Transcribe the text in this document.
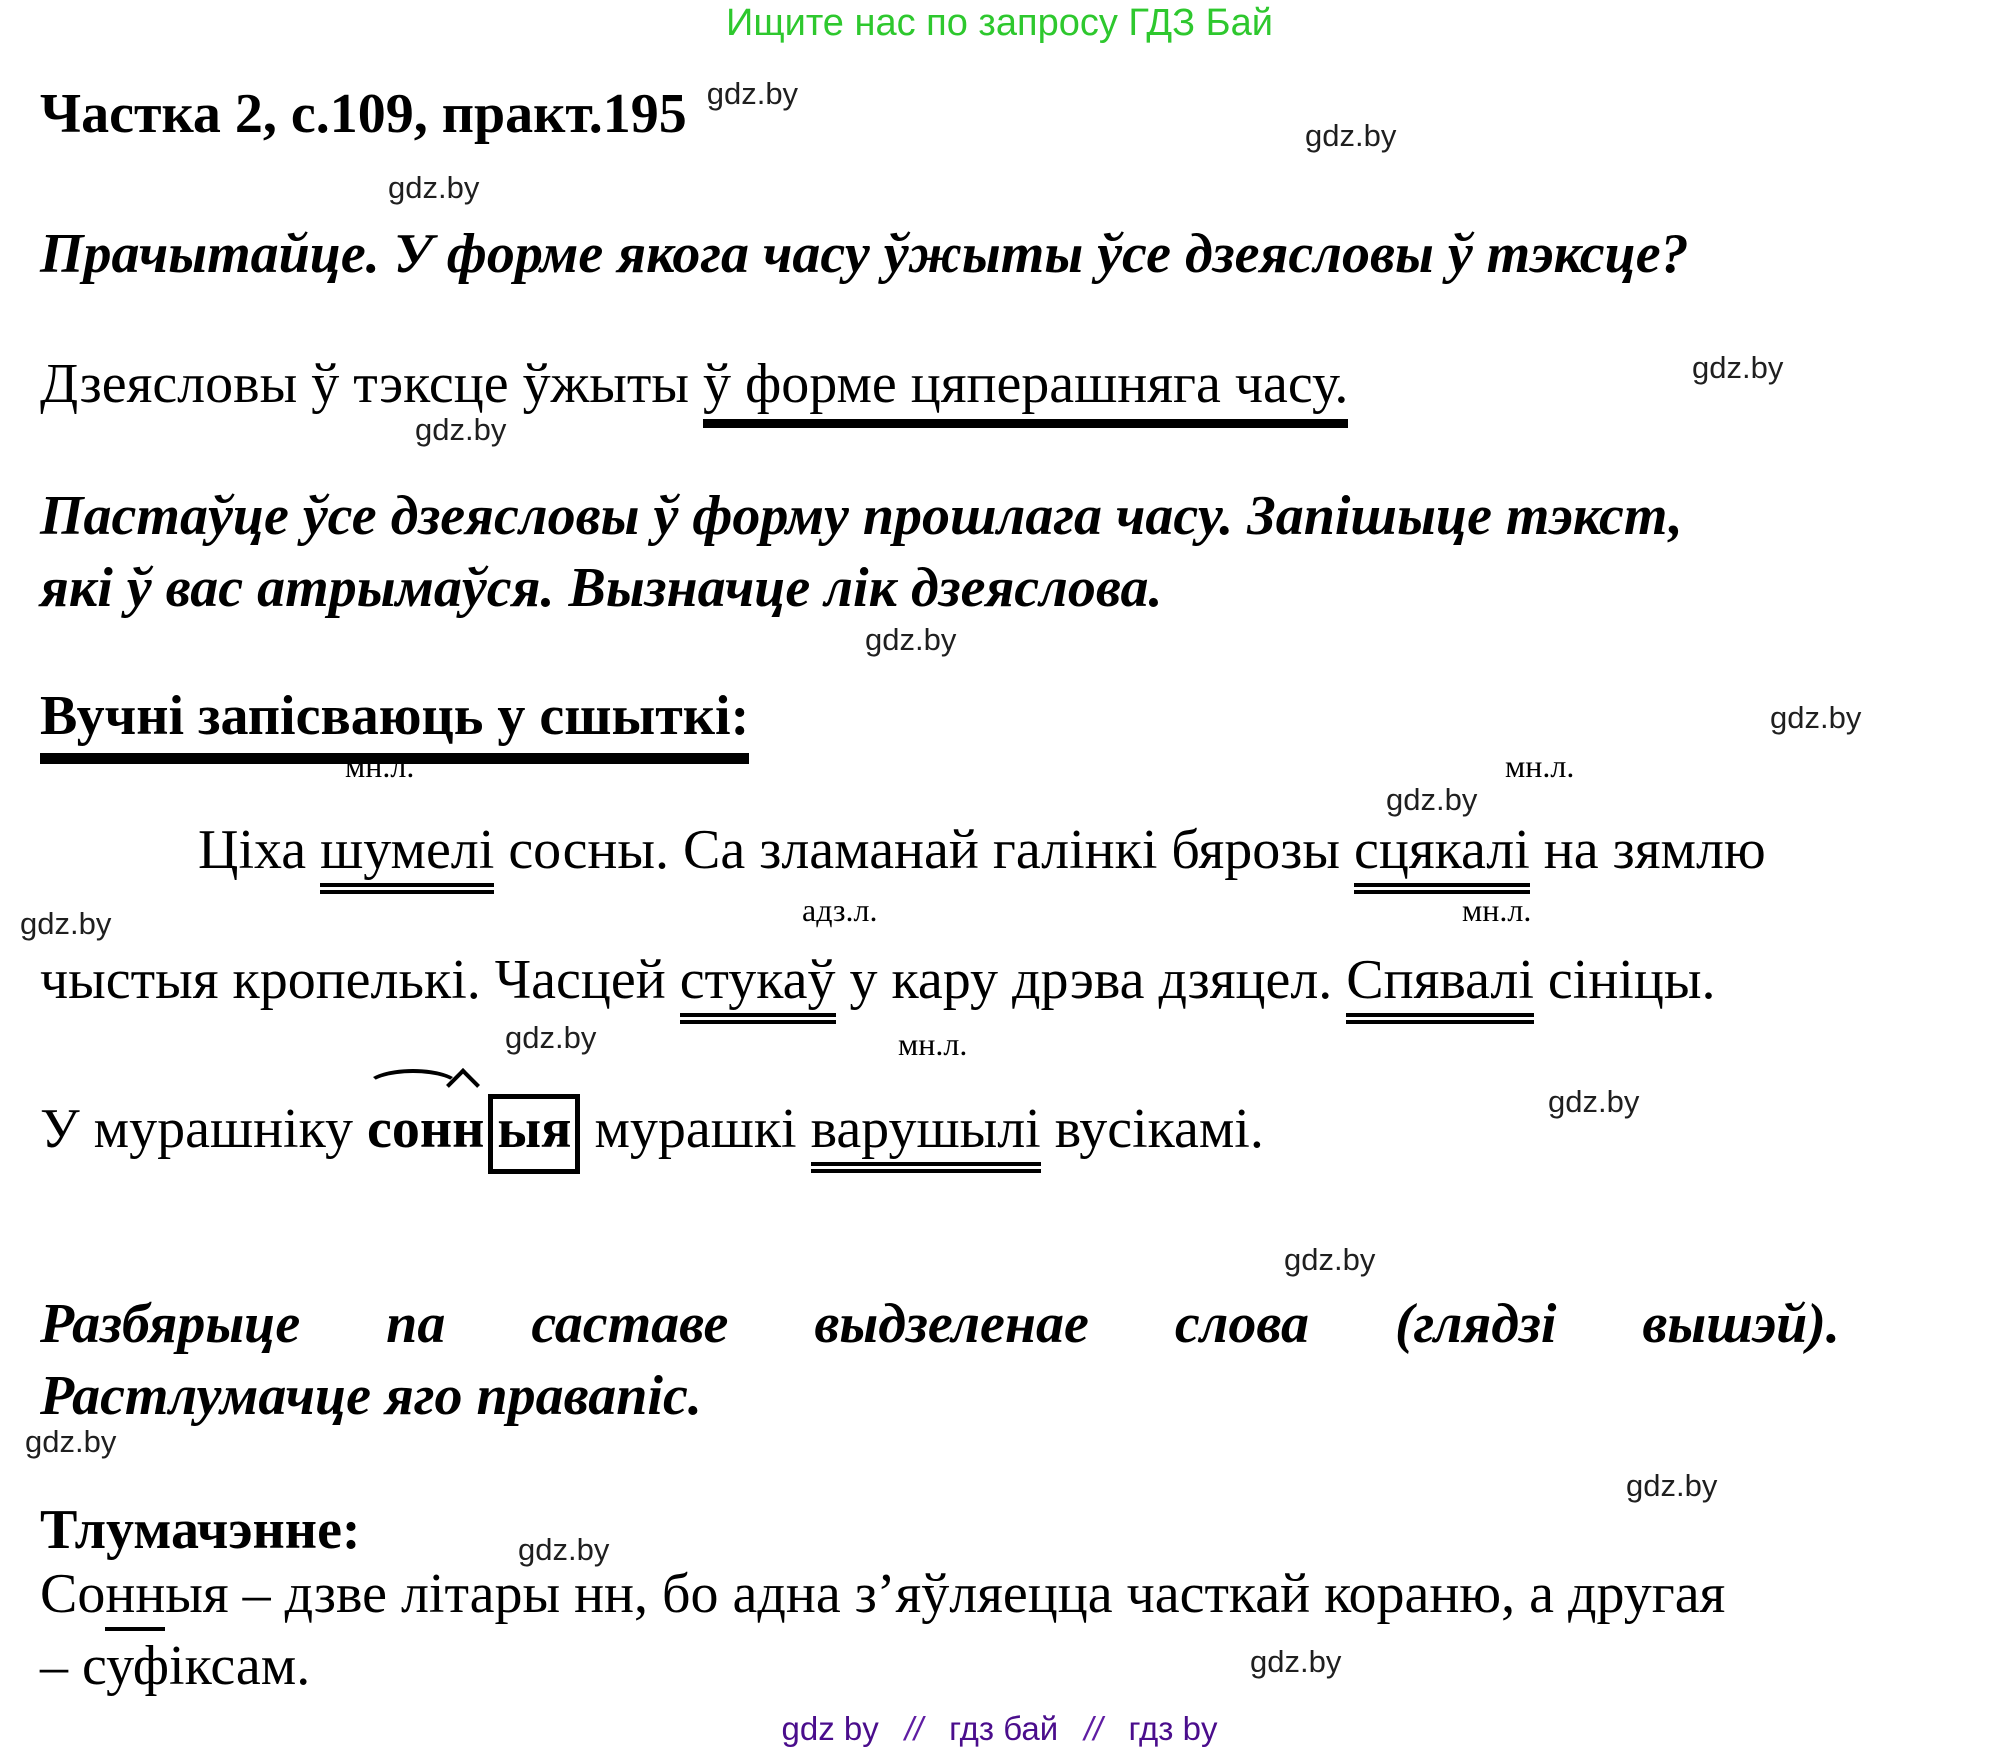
Ищите нас по запросу ГДЗ Бай
Частка 2, с.109, практ.195 gdz.by
gdz.by
gdz.by
gdz.by
gdz.by
gdz.by
gdz.by
gdz.by
gdz.by
gdz.by
gdz.by
gdz.by
gdz.by
gdz.by
gdz.by
gdz.by
Прачытайце. У форме якога часу ўжыты ўсе дзеясловы ў тэксце?
Дзеясловы ў тэксце ўжыты ў форме цяперашняга часу.
Пастаўце ўсе дзеясловы ў форму прошлага часу. Запішыце тэкст,
які ў вас атрымаўся. Вызначце лік дзеяслова.
Вучні запісваюць у сшыткі:
мн.л.	мн.л.
адз.л.	мн.л.
мн.л.
Ціха шумелі сосны. Са зламанай галінкі бярозы сцякалі на зямлю
чыстыя кропелькі. Часцей стукаў у кару дрэва дзяцел. Спявалі сініцы.
У мурашніку сонн ыя мурашкі варушылі вусікамі.
Разбярыце па саставе выдзеленае слова (глядзі вышэй).
Растлумачце яго правапіс.
Тлумачэнне:
Сонныя – дзве літары нн, бо адна з’яўляецца часткай кораню, а другая
– суфіксам.
gdz by // гдз бай // гдз by
